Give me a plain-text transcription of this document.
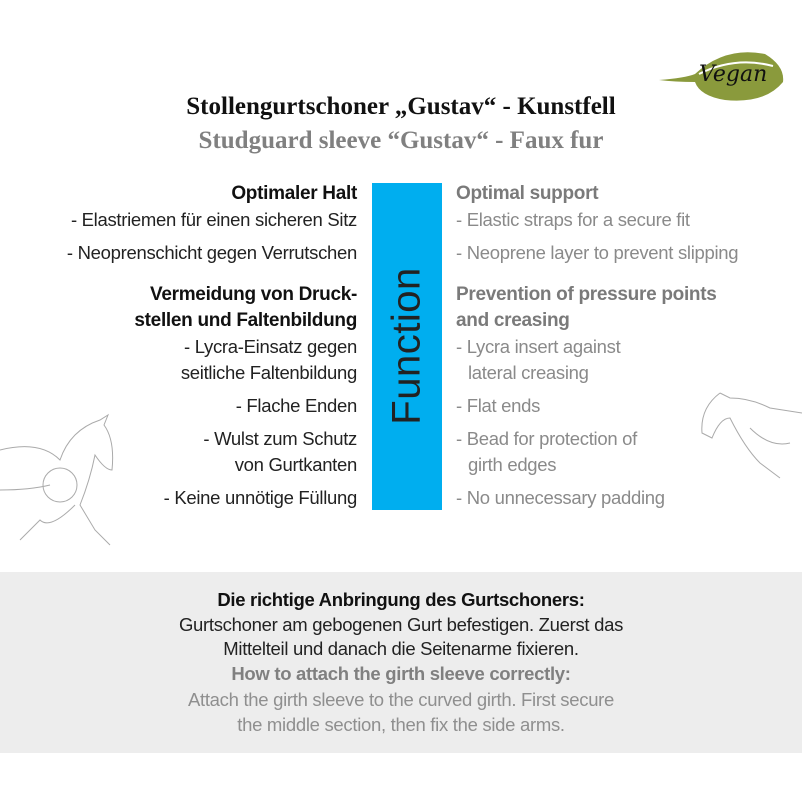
Vegan
Stollengurtschoner „Gustav“ - Kunstfell
Studguard sleeve “Gustav“ - Faux fur
Function
Optimaler Halt
- Elastriemen für einen sicheren Sitz
- Neoprenschicht gegen Verrutschen
Vermeidung von Druck-
stellen und Faltenbildung
- Lycra-Einsatz gegen
seitliche Faltenbildung
- Flache Enden
- Wulst zum Schutz
von Gurtkanten
- Keine unnötige Füllung
Optimal support
- Elastic straps for a secure fit
- Neoprene layer to prevent slipping
Prevention of pressure points
and creasing
- Lycra insert against
lateral creasing
- Flat ends
- Bead for protection of
girth edges
- No unnecessary padding
Die richtige Anbringung des Gurtschoners:
Gurtschoner am gebogenen Gurt befestigen. Zuerst das
Mittelteil und danach die Seitenarme fixieren.
How to attach the girth sleeve correctly:
Attach the girth sleeve to the curved girth. First secure
the middle section, then fix the side arms.
